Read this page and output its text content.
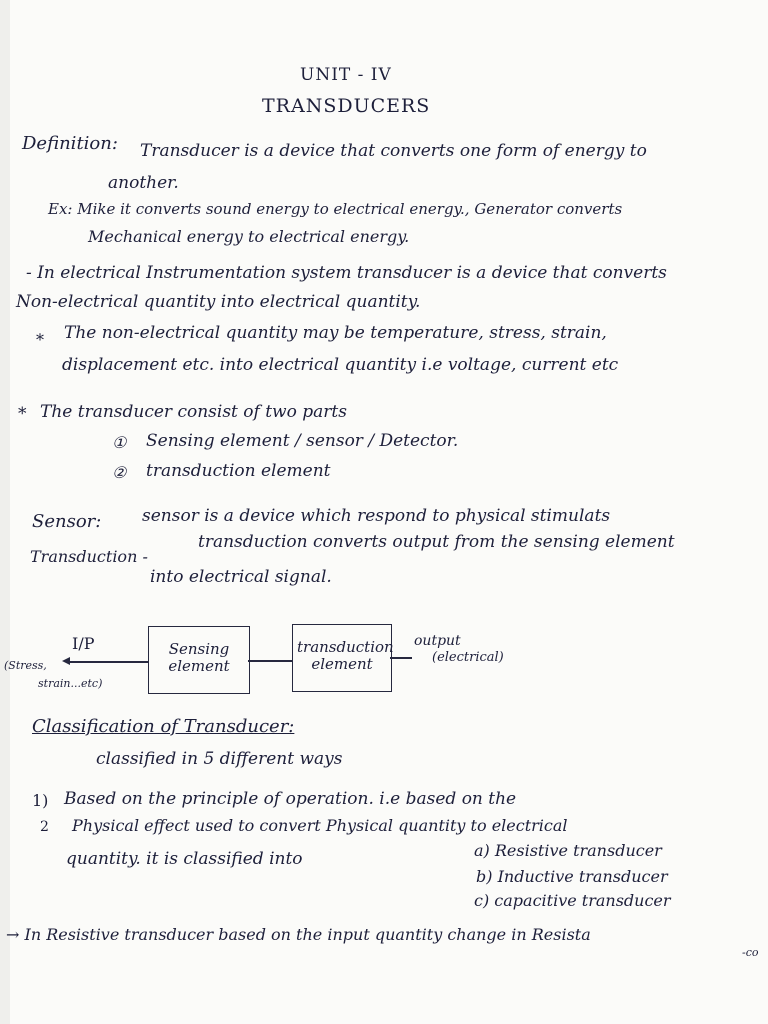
UNIT - IV
TRANSDUCERS
Definition: Transducer is a device that converts one form of energy to
another.
Ex: Mike it converts sound energy to electrical energy., Generator converts
Mechanical energy to electrical energy.
- In electrical Instrumentation system transducer is a device that converts
Non-electrical quantity into electrical quantity.
⁎ The non-electrical quantity may be temperature, stress, strain,
displacement etc. into electrical quantity i.e voltage, current etc
* The transducer consist of two parts
① Sensing element / sensor / Detector.
② transduction element
Sensor: sensor is a device which respond to physical stimulats
Transduction -
transduction converts output from the sensing element
into electrical signal.
I/P
(Stress,
strain...etc)
Sensing element
transduction element
output
(electrical)
Classification of Transducer:
classified in 5 different ways
1) Based on the principle of operation. i.e based on the
2 Physical effect used to convert Physical quantity to electrical
quantity. it is classified into	a) Resistive transducer
b) Inductive transducer
c) capacitive transducer
→ In Resistive transducer based on the input quantity change in Resista
-co
